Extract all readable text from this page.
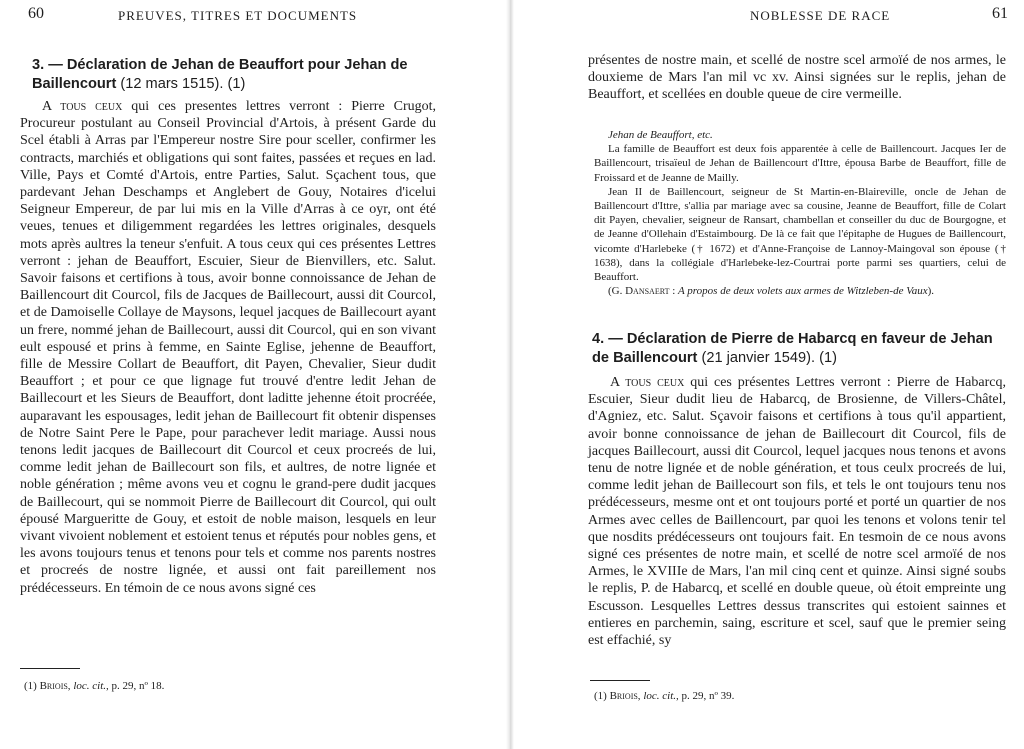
60	PREUVES, TITRES ET DOCUMENTS
3. — Déclaration de Jehan de Beauffort pour Jehan de Baillencourt (12 mars 1515). (1)

A tous ceux qui ces presentes lettres verront : Pierre Crugot, Procureur postulant au Conseil Provincial d'Artois, à présent Garde du Scel établi à Arras par l'Empereur nostre Sire pour sceller, confirmer les contracts, marchiés et obligations qui sont faites, passées et reçues en lad. Ville, Pays et Comté d'Artois, entre Parties, Salut. Sçachent tous, que pardevant Jehan Deschamps et Anglebert de Gouy, Notaires d'icelui Seigneur Empereur, de par lui mis en la Ville d'Arras à ce oyr, ont été veues, tenues et diligemment regardées les lettres originales, desquels mots après aultres la teneur s'enfuit. A tous ceux qui ces présentes Lettres verront : jehan de Beauffort, Escuier, Sieur de Bienvillers, etc. Salut. Savoir faisons et certifions à tous, avoir bonne connoissance de Jehan de Baillencourt dit Courcol, fils de Jacques de Baillecourt, aussi dit Courcol, et de Damoiselle Collaye de Maysons, lequel jacques de Baillecourt ayant un frere, nommé jehan de Baillecourt, aussi dit Courcol, qui en son vivant eult espousé et prins à femme, en Sainte Eglise, jehenne de Beauffort, fille de Messire Collart de Beauffort, dit Payen, Chevalier, Sieur dudit Beauffort ; et pour ce que lignage fut trouvé d'entre ledit Jehan de Baillecourt et les Sieurs de Beauffort, dont laditte jehenne étoit procréée, auparavant les espousages, ledit jehan de Baillecourt fit obtenir dispenses de Notre Saint Pere le Pape, pour parachever ledit mariage. Aussi nous tenons ledit jacques de Baillecourt dit Courcol et ceux procreés de lui, comme ledit jehan de Baillecourt son fils, et aultres, de notre lignée et noble génération ; même avons veu et cognu le grand-pere dudit jacques de Baillecourt, qui se nommoit Pierre de Baillecourt dit Courcol, qui oult épousé Margueritte de Gouy, et estoit de noble maison, lesquels en leur vivant vivoient noblement et estoient tenus et réputés pour nobles gens, et les avons toujours tenus et tenons pour tels et comme nos parents nostres et procreés de nostre lignée, et aussi ont fait pareillement nos prédécesseurs. En témoin de ce nous avons signé ces

(1) Briois, loc. cit., p. 29, nº 18.
NOBLESSE DE RACE	61

présentes de nostre main, et scellé de nostre scel armoïé de nos armes, le douxieme de Mars l'an mil vc xv. Ainsi signées sur le replis, jehan de Beauffort, et scellées en double queue de cire vermeille.

Jehan de Beauffort, etc.

La famille de Beauffort est deux fois apparentée à celle de Baillencourt. Jacques Ier de Baillencourt, trisaïeul de Jehan de Baillencourt d'Ittre, épousa Barbe de Beauffort, fille de Froissard et de Jeanne de Mailly.

Jean II de Baillencourt, seigneur de St Martin-en-Blaireville, oncle de Jehan de Baillencourt d'Ittre, s'allia par mariage avec sa cousine, Jeanne de Beauffort, fille de Colart dit Payen, chevalier, seigneur de Ransart, chambellan et conseiller du duc de Bourgogne, et de Jeanne d'Ollehain d'Estaimbourg. De là ce fait que l'épitaphe de Hugues de Baillencourt, vicomte d'Harlebeke († 1672) et d'Anne-Françoise de Lannoy-Maingoval son épouse († 1638), dans la collégiale d'Harlebeke-lez-Courtrai porte parmi ses quartiers, celui de Beauffort.

(G. Dansaert : A propos de deux volets aux armes de Witzleben-de Vaux).

4. — Déclaration de Pierre de Habarcq en faveur de Jehan de Baillencourt (21 janvier 1549). (1)

A tous ceux qui ces présentes Lettres verront : Pierre de Habarcq, Escuier, Sieur dudit lieu de Habarcq, de Brosienne, de Villers-Châtel, d'Agniez, etc. Salut. Sçavoir faisons et certifions à tous qu'il appartient, avoir bonne connoissance de jehan de Baillecourt dit Courcol, fils de jacques Baillecourt, aussi dit Courcol, lequel jacques nous tenons et avons tenu de notre lignée et de noble génération, et tous ceulx procreés de lui, comme ledit jehan de Baillecourt son fils, et tels le ont toujours tenu nos prédécesseurs, mesme ont et ont toujours porté et porté un quartier de nos Armes avec celles de Baillencourt, par quoi les tenons et volons tenir tel que nosdits prédécesseurs ont toujours fait. En tesmoin de ce nous avons signé ces présentes de notre main, et scellé de notre scel armoïé de nos Armes, le XVIIIe de Mars, l'an mil cinq cent et quinze. Ainsi signé soubs le replis, P. de Habarcq, et scellé en double queue, où étoit empreinte ung Escusson. Lesquelles Lettres dessus transcrites qui estoient sainnes et entieres en parchemin, saing, escriture et scel, sauf que le premier seing est effachié, sy

(1) Briois, loc. cit., p. 29, nº 39.
